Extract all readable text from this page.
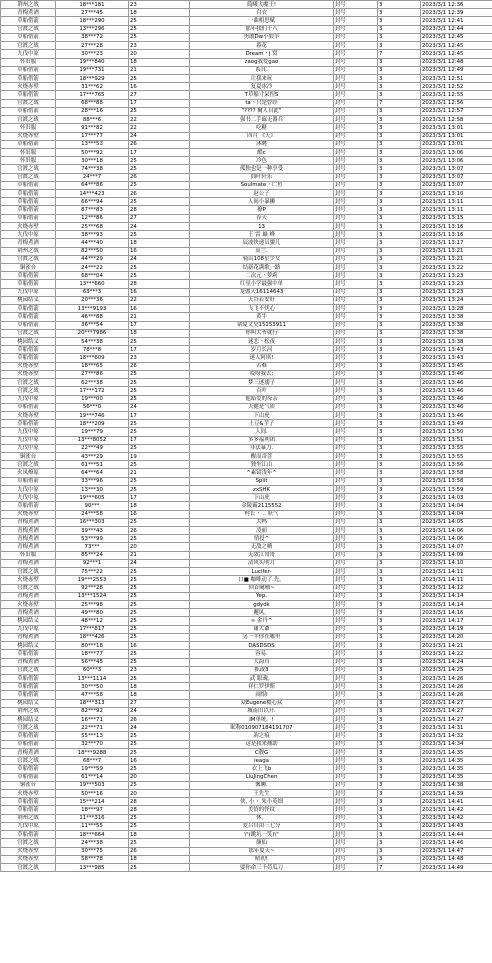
荆州之战	18***181	23	简曦大魔王!	封号	3	2023/3/1 12:36
青梅煮酒	27***45	18	白衣	封号	3	2023/3/1 12:39
草船借箭	18***290	25	一曲相思赋	封号	3	2023/3/1 12:41
官渡之战	13***296	25	那年我们十八	封号	3	2023/3/1 12:44
草船借箭	38***72	25	勇敢Dw小狼羊	封号	3	2023/3/1 12:45
官渡之战	27***28	23	暮花	封号	3	2023/3/1 12:45
九伐中原	30***23	20	Dream丶j 窝	封号	7	2023/3/1 12:45
怀旧服	19***840	18	zaog我爱gao	封号	3	2023/3/1 12:48
草船借箭	19***731	21	系良.	封号	3	2023/3/1 12:49
草船借箭	18***929	25	让我来玩	封号	3	2023/3/1 12:51
火烧赤壁	31***62	16	复夏冰冷	封号	3	2023/3/1 12:52
草船借箭	17***765	27	T草船寸呆捏S	封号	3	2023/3/1 12:55
官渡之战	68***88	17	ta丶只是曾经	封号	7	2023/3/1 12:56
草船借箭	28***16	25	"???? 爾人自此"	封号	3	2023/3/1 12:57
官渡之战	88***6	22	强书二手廊无器兵	封号	3	2023/3/1 12:58
怀旧服	91***82	22	吃糖	封号	3	2023/3/1 13:01
火烧赤壁	17***77	24	四月 《天》	封号	3	2023/3/1 13:01
草船借箭	13***53	26	沐眺	封号	3	2023/3/1 13:01
怀旧服	50***92	17	酷c	封号	3	2023/3/1 13:06
怀旧服	30***18	25	冷色	封号	3	2023/3/1 13:06
官渡之战	74***38	25	孤独也是一种享受	封号	3	2023/3/1 13:07
官渡之战	24***7	26	囧叶阡乐	封号	3	2023/3/1 13:07
草船借箭	64***86	25	Soulmate丶亡鱼	封号	3	2023/3/1 13:07
草船借箭	14***423	26	赵公子	封号	3	2023/3/1 13:10
草船借箭	66***94	25	人间小暴狮	封号	3	2023/3/1 13:11
草船借箭	87***83	28	獠P	封号	3	2023/3/1 13:11
草船借箭	12***86	27	春天	封号	3	2023/3/1 13:15
火烧赤壁	25***68	24	13	封号	3	2023/3/1 13:16
九伐中原	38***93	25	王 雷 巅 峰	封号	3	2023/3/1 13:16
青梅煮酒	44***40	18	辰波快递员貔儿	封号	3	2023/3/1 13:17
荆州之战	82***50	16	高兰.	封号	3	2023/3/1 13:21
官渡之战	44***29	24	骑山108星少女	封号	3	2023/3/1 13:21
铜雀台	24***22	25	结新花满歌一路	封号	3	2023/3/1 13:22
草船借箭	68***04	25	二次元丶萝莉	封号	3	2023/3/1 13:23
草船借箭	13***660	28	红星小学最强中单	封号	3	2023/3/1 13:23
九伐中原	63***3	16	龙傲天16114643	封号	3	2023/3/1 13:23
桃园结义	20***36	22	天谷若安好	封号	3	2023/3/1 13:24
草船借箭	13***9193	16	飞飞不忧心	封号	3	2023/3/1 13:28
草船借箭	46***88	21	黄牛	封号	3	2023/3/1 13:38
草船借箭	36***54	17	诸夏文昊15153911	封号	3	2023/3/1 13:38
官渡之战	20***7986	18	你叫大爷就行	封号	3	2023/3/1 13:38
桃园结义	54***38	25	迷恋丶松夜	封号	3	2023/3/1 13:38
草船借箭	78***8	17	岁月长河	封号	3	2023/3/1 13:43
草船借箭	18***609	23	迷人阿琪!	封号	3	2023/3/1 13:43
火烧赤壁	18***65	26	苦难	封号	3	2023/3/1 13:45
火烧赤壁	27***86	25	哎呀我去;	封号	3	2023/3/1 13:46
官渡之战	62***38	25	梦三迷溺子	封号	3	2023/3/1 13:46
官渡之战	17***172	25	百叶	封号	3	2023/3/1 13:46
九伐中原	19***00	25	他暗爱的母亲	封号	3	2023/3/1 13:46
草船借箭	56***0	24	天健是气质	封号	3	2023/3/1 13:46
火烧赤壁	19***746	17	下山虎	封号	3	2023/3/1 13:46
草船借箭	18***209	25	土豆&芋子	封号	3	2023/3/1 13:49
九伐中原	19***79	25	人间.	封号	3	2023/3/1 13:50
九伐中原	13***8052	17	多多福利团	封号	3	2023/3/1 13:51
九伐中原	22***49	25	非法暴力.	封号	3	2023/3/1 13:55
铜雀台	43***29	19	醒而奇菩	封号	3	2023/3/1 13:55
官渡之战	61***51	25	独坐江山	封号	3	2023/3/1 13:56
火凤燎原	64***64	21	^素镜浅年^	封号	3	2023/3/1 13:58
草船借箭	33***96	25	Split	封号	3	2023/3/1 13:58
九伐中原	13***30	25	zxSHK	封号	3	2023/3/1 13:59
九伐中原	19***605	17	下山虎	封号	3	2023/3/1 14:03
草船借箭	90***	18	金陵霸2115552	封号	3	2023/3/1 14:04
火烧赤壁	24***58	16	村长丶 .. 妖气	封号	3	2023/3/1 14:04
青梅煮酒	16***303	25	大鸭	封号	3	2023/3/1 14:05
青梅煮酒	39***43	26	凌丽	封号	3	2023/3/1 14:06
青梅煮酒	53***99	25	情投^	封号	3	2023/3/1 14:06
青梅煮酒	73***	20	无敌之嗨	封号	3	2023/3/1 14:07
怀旧服	85***24	21	无敌江哥哥	封号	3	2023/3/1 14:09
青梅煮酒	92***1	24	清风头明月	封号	3	2023/3/1 14:10
官渡之战	75***22	25	Lucifer-	封号	3	2023/3/1 14:11
火烧赤壁	19***2553	25	口■ 咖啡动了.先。	封号	3	2023/3/1 14:11
官渡之战	92***28	25	回首阑珊~	封号	3	2023/3/1 14:12
青梅煮酒	13***1524	25	Yep.	封号	3	2023/3/1 14:14
火烧赤壁	25***98	25	gdydk	封号	3	2023/3/1 14:14
青梅煮酒	49***80	25	邂风。	封号	3	2023/3/1 14:16
桃园结义	48***12	25	∞ 金丹^	封号	3	2023/3/1 14:17
九伐中原	17***817	25	庸大爺	封号	3	2023/3/1 14:19
青梅煮酒	18***426	25	另一半你在哪里	封号	3	2023/3/1 14:20
桃园结义	80***18	16	DASDSDS	封号	3	2023/3/1 14:21
草船借箭	18***77	25	容易.	封号	3	2023/3/1 14:22
青梅煮酒	56***45	25	大海川	封号	3	2023/3/1 14:24
官渡之战	60***3	23	抓或3	封号	3	2023/3/1 14:25
草船借箭	13***1114	25	武 眼魂。	封号	3	2023/3/1 14:26
草船借箭	30***50	18	祥仁罗伊斯	封号	3	2023/3/1 14:26
草船借箭	47***58	18	闹恨l	封号	3	2023/3/1 14:26
桃园结义	18***313	27	众Eugene橿心众	封号	3	2023/3/1 14:27
荆州之战	82***92	24	城南旧以开.	封号	3	2023/3/1 14:27
桃园结义	16***71	26	IM单统。!	封号	3	2023/3/1 14:27
官渡之战	22***71	24	昵称010907184191707	封号	3	2023/3/1 14:31
草船借箭	55***13	25	韵之痕	封号	3	2023/3/1 14:32
草船借箭	32***70	25	这是我来捕助	封号	3	2023/3/1 14:34
青梅煮酒	18***9288	25	C靓G	封号	3	2023/3/1 14:35
官渡之战	68***7	16	leaga	封号	3	2023/3/1 14:35
草船借箭	19***59	25	衣上飞b	封号	3	2023/3/1 14:35
草船借箭	61***14	20	LiuJingChen	封号	3	2023/3/1 14:35
铜雀台	19***503	25	馨聊.	封号	3	2023/3/1 14:38
火烧赤壁	50***16	20	王先生	封号	3	2023/3/1 14:39
草船借箭	15***214	28	侠, 小丶 朱小英细	封号	3	2023/3/1 14:41
草船借箭	18***97	28	美情的怪纹	封号	3	2023/3/1 14:42
荆州之战	11***316	25	休。	封号	3	2023/3/1 14:42
九伐中原	11***55	25	爱吕自由三七分	封号	3	2023/3/1 14:43
草船借箭	18***664	18	\"(跳坑一笑)\"	封号	3	2023/3/1 14:44
官渡之战	24***38	25	颠仙	封号	3	2023/3/1 14:46
火烧赤壁	30***75	26	那年夏天~	封号	3	2023/3/1 14:47
火烧赤壁	58***78	18	晴初!	封号	3	2023/3/1 14:48
官渡之战	13***985	25	要你命三千苟瓜刀	封号	7	2023/3/1 14:49
